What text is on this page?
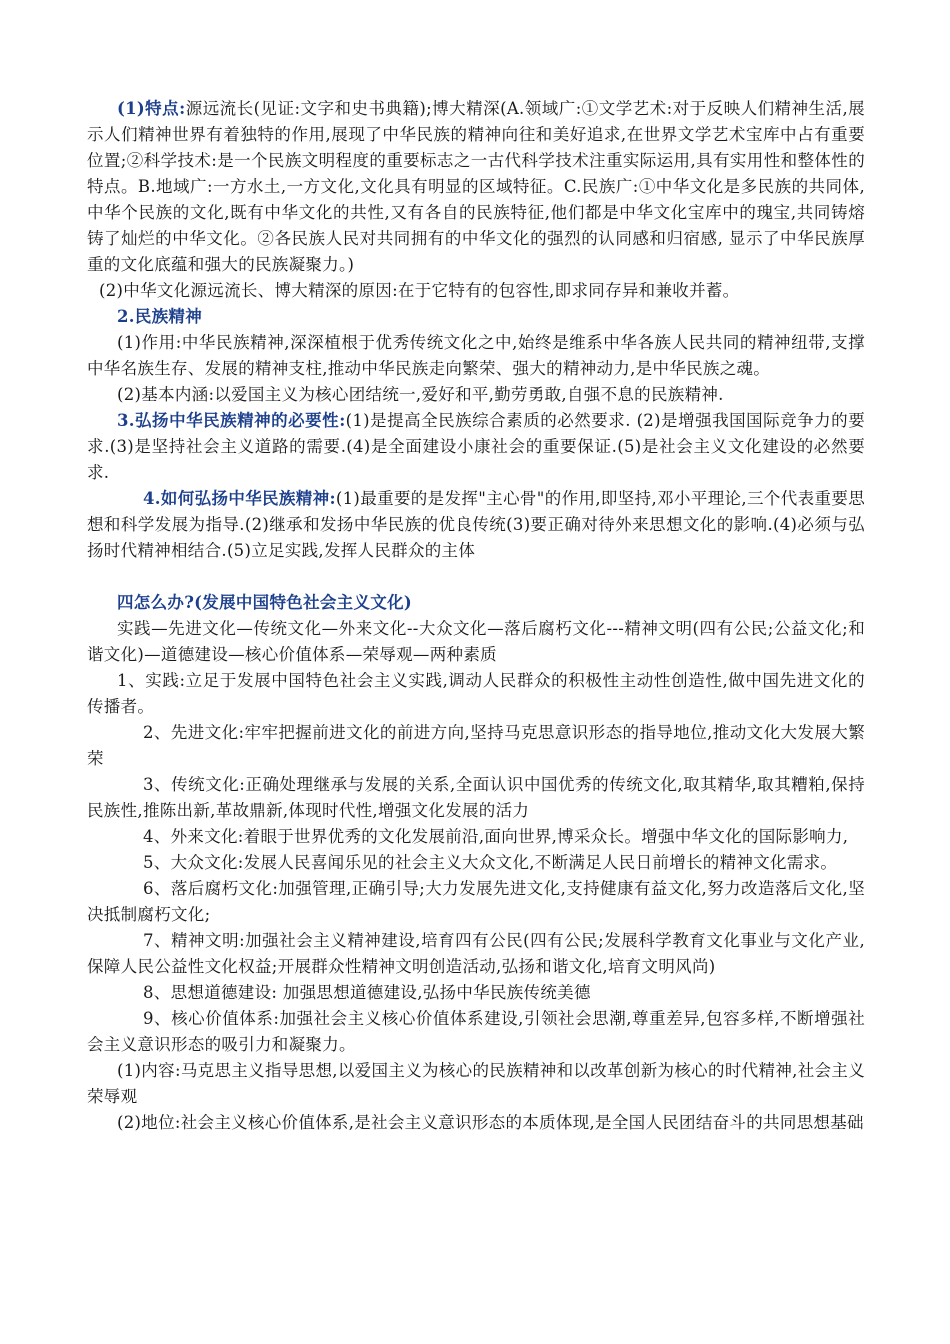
(1)特点:源远流长(见证:文字和史书典籍);博大精深(A.领域广:①文学艺术:对于反映人们精神生活,展示人们精神世界有着独特的作用,展现了中华民族的精神向往和美好追求,在世界文学艺术宝库中占有重要位置;②科学技术:是一个民族文明程度的重要标志之一古代科学技术注重实际运用,具有实用性和整体性的特点。B.地域广:一方水土,一方文化,文化具有明显的区域特征。C.民族广:①中华文化是多民族的共同体,中华个民族的文化,既有中华文化的共性,又有各自的民族特征,他们都是中华文化宝库中的瑰宝,共同铸熔铸了灿烂的中华文化。②各民族人民对共同拥有的中华文化的强烈的认同感和归宿感, 显示了中华民族厚重的文化底蕴和强大的民族凝聚力。)

(2)中华文化源远流长、博大精深的原因:在于它特有的包容性,即求同存异和兼收并蓄。

2.民族精神

(1)作用:中华民族精神,深深植根于优秀传统文化之中,始终是维系中华各族人民共同的精神纽带,支撑中华名族生存、发展的精神支柱,推动中华民族走向繁荣、强大的精神动力,是中华民族之魂。

(2)基本内涵:以爱国主义为核心团结统一,爱好和平,勤劳勇敢,自强不息的民族精神.

3.弘扬中华民族精神的必要性:(1)是提高全民族综合素质的必然要求. (2)是增强我国国际竞争力的要求.(3)是坚持社会主义道路的需要.(4)是全面建设小康社会的重要保证.(5)是社会主义文化建设的必然要求.

4.如何弘扬中华民族精神:(1)最重要的是发挥"主心骨"的作用,即坚持,邓小平理论,三个代表重要思想和科学发展为指导.(2)继承和发扬中华民族的优良传统(3)要正确对待外来思想文化的影响.(4)必须与弘扬时代精神相结合.(5)立足实践,发挥人民群众的主体

四怎么办?(发展中国特色社会主义文化)

实践—先进文化—传统文化—外来文化--大众文化—落后腐朽文化---精神文明(四有公民;公益文化;和谐文化)—道德建设—核心价值体系—荣辱观—两种素质

1、实践:立足于发展中国特色社会主义实践,调动人民群众的积极性主动性创造性,做中国先进文化的传播者。

2、先进文化:牢牢把握前进文化的前进方向,坚持马克思意识形态的指导地位,推动文化大发展大繁荣

3、传统文化:正确处理继承与发展的关系,全面认识中国优秀的传统文化,取其精华,取其糟粕,保持民族性,推陈出新,革故鼎新,体现时代性,增强文化发展的活力

4、外来文化:着眼于世界优秀的文化发展前沿,面向世界,博采众长。增强中华文化的国际影响力,

5、大众文化:发展人民喜闻乐见的社会主义大众文化,不断满足人民日前增长的精神文化需求。

6、落后腐朽文化:加强管理,正确引导;大力发展先进文化,支持健康有益文化,努力改造落后文化,坚决抵制腐朽文化;

7、精神文明:加强社会主义精神建设,培育四有公民(四有公民;发展科学教育文化事业与文化产业,保障人民公益性文化权益;开展群众性精神文明创造活动,弘扬和谐文化,培育文明风尚)

8、思想道德建设: 加强思想道德建设,弘扬中华民族传统美德

9、核心价值体系:加强社会主义核心价值体系建设,引领社会思潮,尊重差异,包容多样,不断增强社会主义意识形态的吸引力和凝聚力。

(1)内容:马克思主义指导思想,以爱国主义为核心的民族精神和以改革创新为核心的时代精神,社会主义荣辱观

(2)地位:社会主义核心价值体系,是社会主义意识形态的本质体现,是全国人民团结奋斗的共同思想基础
